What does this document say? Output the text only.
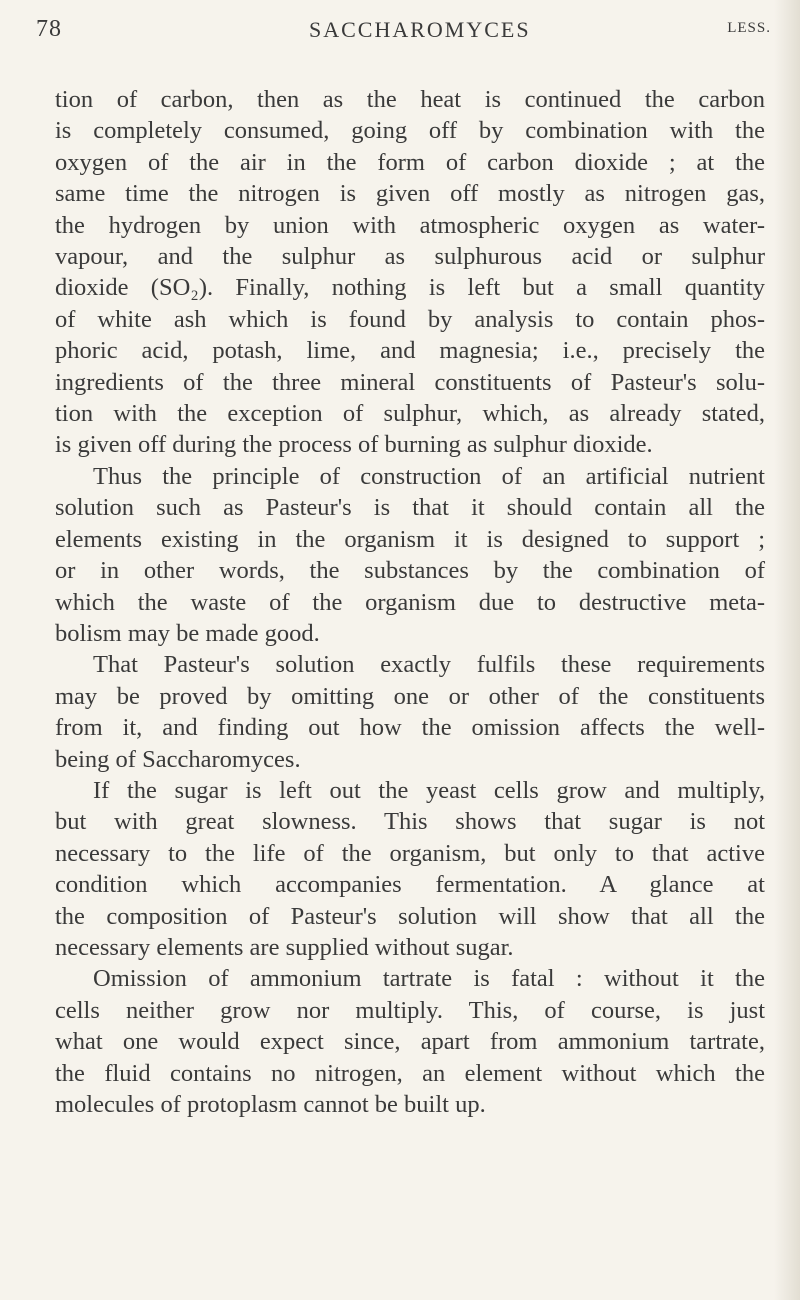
78	SACCHAROMYCES	LESS.

tion of carbon, then as the heat is continued the carbon
is completely consumed, going off by combination with the
oxygen of the air in the form of carbon dioxide ; at the
same time the nitrogen is given off mostly as nitrogen gas,
the hydrogen by union with atmospheric oxygen as water-
vapour, and the sulphur as sulphurous acid or sulphur
dioxide (SO₂). Finally, nothing is left but a small quantity
of white ash which is found by analysis to contain phos-
phoric acid, potash, lime, and magnesia; i.e., precisely the
ingredients of the three mineral constituents of Pasteur's solu-
tion with the exception of sulphur, which, as already stated,
is given off during the process of burning as sulphur dioxide.

Thus the principle of construction of an artificial nutrient
solution such as Pasteur's is that it should contain all the
elements existing in the organism it is designed to support ;
or in other words, the substances by the combination of
which the waste of the organism due to destructive meta-
bolism may be made good.

That Pasteur's solution exactly fulfils these requirements
may be proved by omitting one or other of the constituents
from it, and finding out how the omission affects the well-
being of Saccharomyces.

If the sugar is left out the yeast cells grow and multiply,
but with great slowness. This shows that sugar is not
necessary to the life of the organism, but only to that active
condition which accompanies fermentation. A glance at
the composition of Pasteur's solution will show that all the
necessary elements are supplied without sugar.

Omission of ammonium tartrate is fatal : without it the
cells neither grow nor multiply. This, of course, is just
what one would expect since, apart from ammonium tartrate,
the fluid contains no nitrogen, an element without which the
molecules of protoplasm cannot be built up.
